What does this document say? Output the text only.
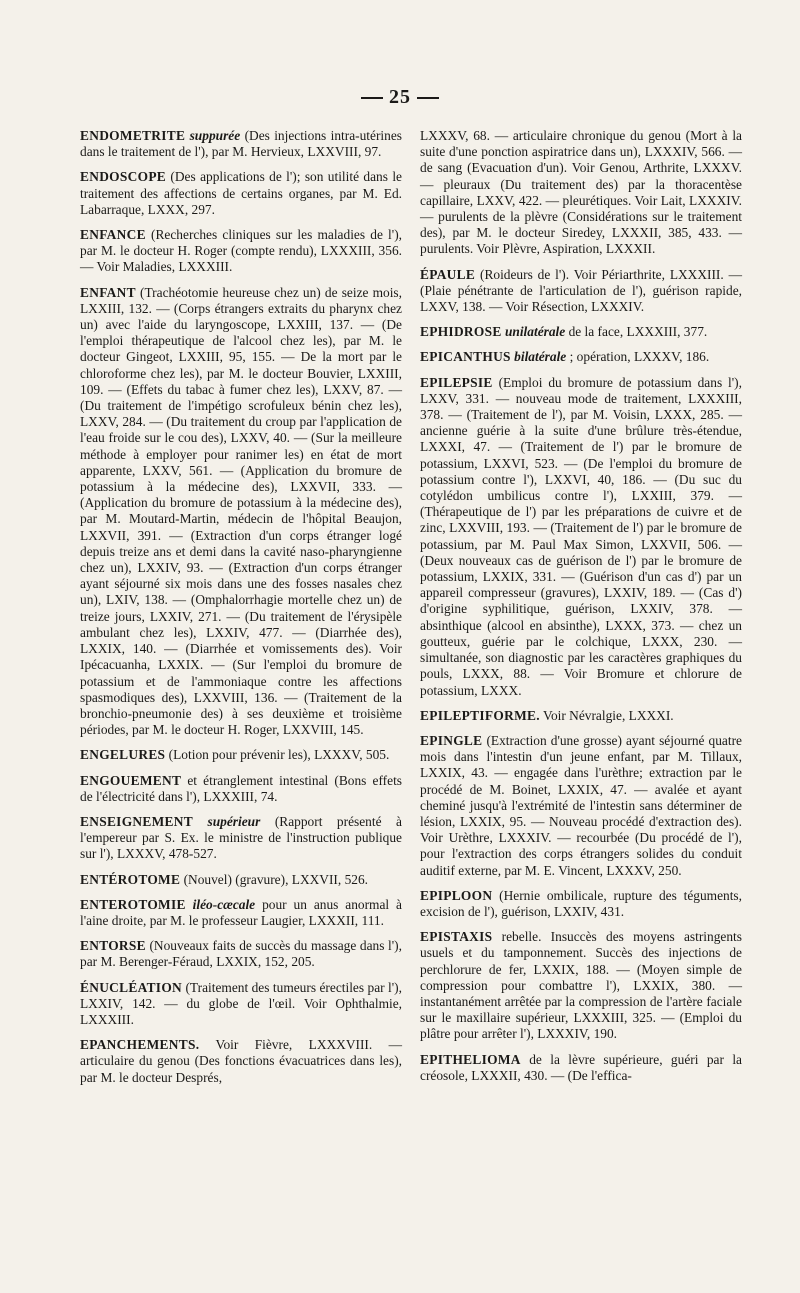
25

ENDOMETRITE suppurée (Des injections intra-utérines dans le traitement de l'), par M. Hervieux, LXXVIII, 97.

ENDOSCOPE (Des applications de l'); son utilité dans le traitement des affections de certains organes, par M. Ed. Labarraque, LXXX, 297.

ENFANCE (Recherches cliniques sur les maladies de l'), par M. le docteur H. Roger (compte rendu), LXXXIII, 356. — Voir Maladies, LXXXIII.

ENFANT (Trachéotomie heureuse chez un) de seize mois, LXXIII, 132. — (Corps étrangers extraits du pharynx chez un) avec l'aide du laryngoscope, LXXIII, 137. — (De l'emploi thérapeutique de l'alcool chez les), par M. le docteur Gingeot, LXXIII, 95, 155. — De la mort par le chloroforme chez les), par M. le docteur Bouvier, LXXIII, 109. — (Effets du tabac à fumer chez les), LXXV, 87. — (Du traitement de l'impétigo scrofuleux bénin chez les), LXXV, 284. — (Du traitement du croup par l'application de l'eau froide sur le cou des), LXXV, 40. — (Sur la meilleure méthode à employer pour ranimer les) en état de mort apparente, LXXV, 561. — (Application du bromure de potassium à la médecine des), LXXVII, 333. — (Application du bromure de potassium à la médecine des), par M. Moutard-Martin, médecin de l'hôpital Beaujon, LXXVII, 391. — (Extraction d'un corps étranger logé depuis treize ans et demi dans la cavité naso-pharyngienne chez un), LXXIV, 93. — (Extraction d'un corps étranger ayant séjourné six mois dans une des fosses nasales chez un), LXIV, 138. — (Omphalorrhagie mortelle chez un) de treize jours, LXXIV, 271. — (Du traitement de l'érysipèle ambulant chez les), LXXIV, 477. — (Diarrhée des), LXXIX, 140. — (Diarrhée et vomissements des). Voir Ipécacuanha, LXXIX. — (Sur l'emploi du bromure de potassium et de l'ammoniaque contre les affections spasmodiques des), LXXVIII, 136. — (Traitement de la bronchio-pneumonie des) à ses deuxième et troisième périodes, par M. le docteur H. Roger, LXXVIII, 145.

ENGELURES (Lotion pour prévenir les), LXXXV, 505.

ENGOUEMENT et étranglement intestinal (Bons effets de l'électricité dans l'), LXXXIII, 74.

ENSEIGNEMENT supérieur (Rapport présenté à l'empereur par S. Ex. le ministre de l'instruction publique sur l'), LXXXV, 478-527.

ENTÉROTOME (Nouvel) (gravure), LXXVII, 526.

ENTEROTOMIE iléo-cæcale pour un anus anormal à l'aine droite, par M. le professeur Laugier, LXXXII, 111.

ENTORSE (Nouveaux faits de succès du massage dans l'), par M. Berenger-Féraud, LXXIX, 152, 205.

ÉNUCLÉATION (Traitement des tumeurs érectiles par l'), LXXIV, 142. — du globe de l'œil. Voir Ophthalmie, LXXXIII.

EPANCHEMENTS. Voir Fièvre, LXXXVIII. — articulaire du genou (Des fonctions évacuatrices dans les), par M. le docteur Després,

LXXXV, 68. — articulaire chronique du genou (Mort à la suite d'une ponction aspiratrice dans un), LXXXIV, 566. — de sang (Evacuation d'un). Voir Genou, Arthrite, LXXXV. — pleuraux (Du traitement des) par la thoracentèse capillaire, LXXV, 422. — pleurétiques. Voir Lait, LXXXIV. — purulents de la plèvre (Considérations sur le traitement des), par M. le docteur Siredey, LXXXII, 385, 433. — purulents. Voir Plèvre, Aspiration, LXXXII.

ÉPAULE (Roideurs de l'). Voir Périarthrite, LXXXIII. — (Plaie pénétrante de l'articulation de l'), guérison rapide, LXXV, 138. — Voir Résection, LXXXIV.

EPHIDROSE unilatérale de la face, LXXXIII, 377.

EPICANTHUS bilatérale ; opération, LXXXV, 186.

EPILEPSIE (Emploi du bromure de potassium dans l'), LXXV, 331. — nouveau mode de traitement, LXXXIII, 378. — (Traitement de l'), par M. Voisin, LXXX, 285. — ancienne guérie à la suite d'une brûlure très-étendue, LXXXI, 47. — (Traitement de l') par le bromure de potassium, LXXVI, 523. — (De l'emploi du bromure de potassium contre l'), LXXVI, 40, 186. — (Du suc du cotylédon umbilicus contre l'), LXXIII, 379. — (Thérapeutique de l') par les préparations de cuivre et de zinc, LXXVIII, 193. — (Traitement de l') par le bromure de potassium, par M. Paul Max Simon, LXXVII, 506. — (Deux nouveaux cas de guérison de l') par le bromure de potassium, LXXIX, 331. — (Guérison d'un cas d') par un appareil compresseur (gravures), LXXIV, 189. — (Cas d') d'origine syphilitique, guérison, LXXIV, 378. — absinthique (alcool en absinthe), LXXX, 373. — chez un goutteux, guérie par le colchique, LXXX, 230. — simultanée, son diagnostic par les caractères graphiques du pouls, LXXX, 88. — Voir Bromure et chlorure de potassium, LXXX.

EPILEPTIFORME. Voir Névralgie, LXXXI.

EPINGLE (Extraction d'une grosse) ayant séjourné quatre mois dans l'intestin d'un jeune enfant, par M. Tillaux, LXXIX, 43. — engagée dans l'urèthre; extraction par le procédé de M. Boinet, LXXIX, 47. — avalée et ayant cheminé jusqu'à l'extrémité de l'intestin sans déterminer de lésion, LXXIX, 95. — Nouveau procédé d'extraction des). Voir Urèthre, LXXXIV. — recourbée (Du procédé de l'), pour l'extraction des corps étrangers solides du conduit auditif externe, par M. E. Vincent, LXXXV, 250.

EPIPLOON (Hernie ombilicale, rupture des téguments, excision de l'), guérison, LXXIV, 431.

EPISTAXIS rebelle. Insuccès des moyens astringents usuels et du tamponnement. Succès des injections de perchlorure de fer, LXXIX, 188. — (Moyen simple de compression pour combattre l'), LXXIX, 380. — instantanément arrêtée par la compression de l'artère faciale sur le maxillaire supérieur, LXXXIII, 325. — (Emploi du plâtre pour arrêter l'), LXXXIV, 190.

EPITHELIOMA de la lèvre supérieure, guéri par la créosole, LXXXII, 430. — (De l'effica-
